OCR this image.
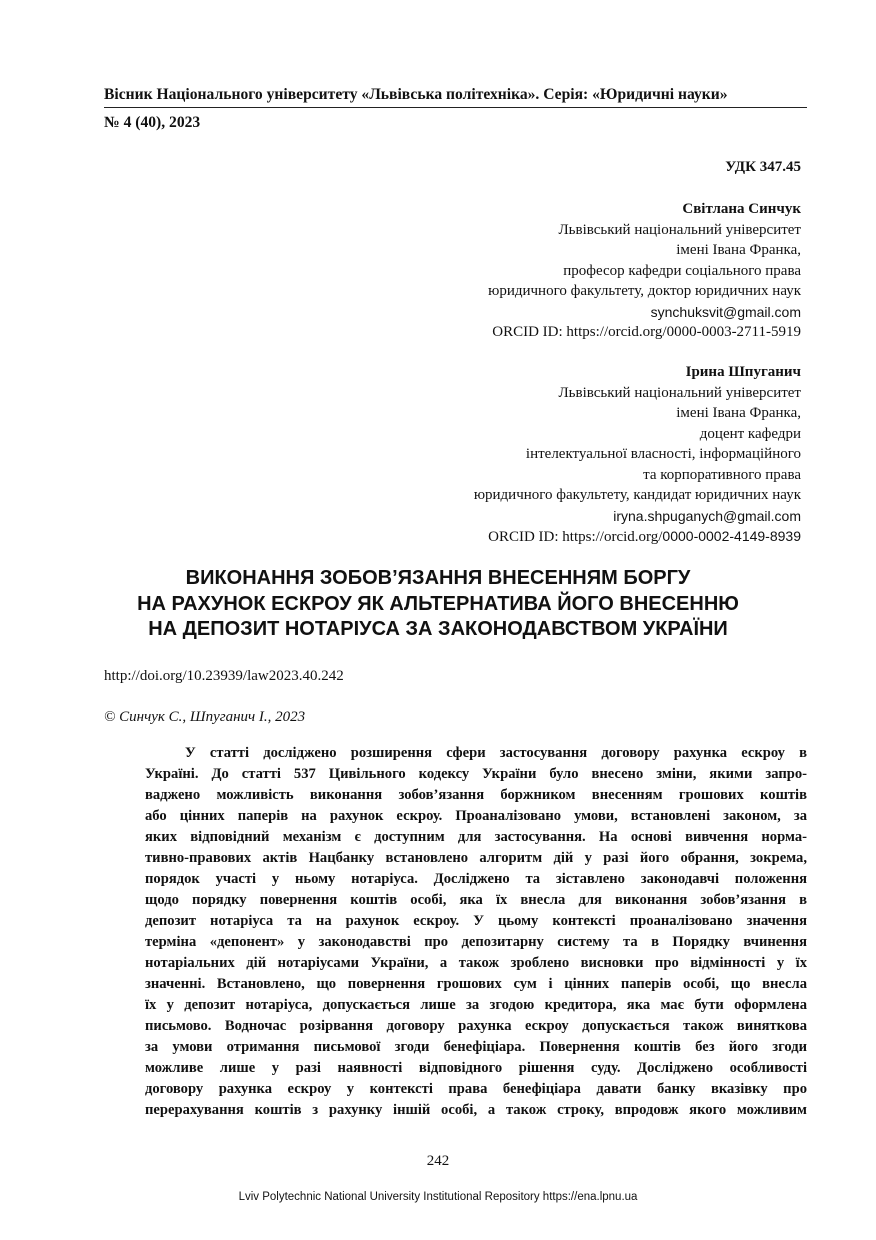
Вісник Національного університету «Львівська політехніка». Серія: «Юридичні науки»
№ 4 (40), 2023
УДК 347.45
Світлана Синчук
Львівський національний університет
імені Івана Франка,
професор кафедри соціального права
юридичного факультету, доктор юридичних наук
synchuksvit@gmail.com
ORCID ID: https://orcid.org/0000-0003-2711-5919
Ірина Шпуганич
Львівський національний університет
імені Івана Франка,
доцент кафедри
інтелектуальної власності, інформаційного
та корпоративного права
юридичного факультету, кандидат юридичних наук
iryna.shpuganych@gmail.com
ORCID ID: https://orcid.org/0000-0002-4149-8939
ВИКОНАННЯ ЗОБОВ’ЯЗАННЯ ВНЕСЕННЯМ БОРГУ
НА РАХУНОК ЕСКРОУ ЯК АЛЬТЕРНАТИВА ЙОГО ВНЕСЕННЮ
НА ДЕПОЗИТ НОТАРІУСА ЗА ЗАКОНОДАВСТВОМ УКРАЇНИ
http://doi.org/10.23939/law2023.40.242
© Синчук С., Шпуганич І., 2023
У статті досліджено розширення сфери застосування договору рахунка ескроу в
Україні. До статті 537 Цивільного кодексу України було внесено зміни, якими запро-
ваджено можливість виконання зобов’язання боржником внесенням грошових коштів
або цінних паперів на рахунок ескроу. Проаналізовано умови, встановлені законом, за
яких відповідний механізм є доступним для застосування. На основі вивчення норма-
тивно-правових актів Нацбанку встановлено алгоритм дій у разі його обрання, зокрема,
порядок участі у ньому нотаріуса. Досліджено та зіставлено законодавчі положення
щодо порядку повернення коштів особі, яка їх внесла для виконання зобов’язання в
депозит нотаріуса та на рахунок ескроу. У цьому контексті проаналізовано значення
терміна «депонент» у законодавстві про депозитарну систему та в Порядку вчинення
нотаріальних дій нотаріусами України, а також зроблено висновки про відмінності у їх
значенні. Встановлено, що повернення грошових сум і цінних паперів особі, що внесла
їх у депозит нотаріуса, допускається лише за згодою кредитора, яка має бути оформлена
письмово. Водночас розірвання договору рахунка ескроу допускається також виняткова
за умови отримання письмової згоди бенефіціара. Повернення коштів без його згоди
можливе лише у разі наявності відповідного рішення суду. Досліджено особливості
договору рахунка ескроу у контексті права бенефіціара давати банку вказівку про
перерахування коштів з рахунку іншій особі, а також строку, впродовж якого можливим
242
Lviv Polytechnic National University Institutional Repository https://ena.lpnu.ua
